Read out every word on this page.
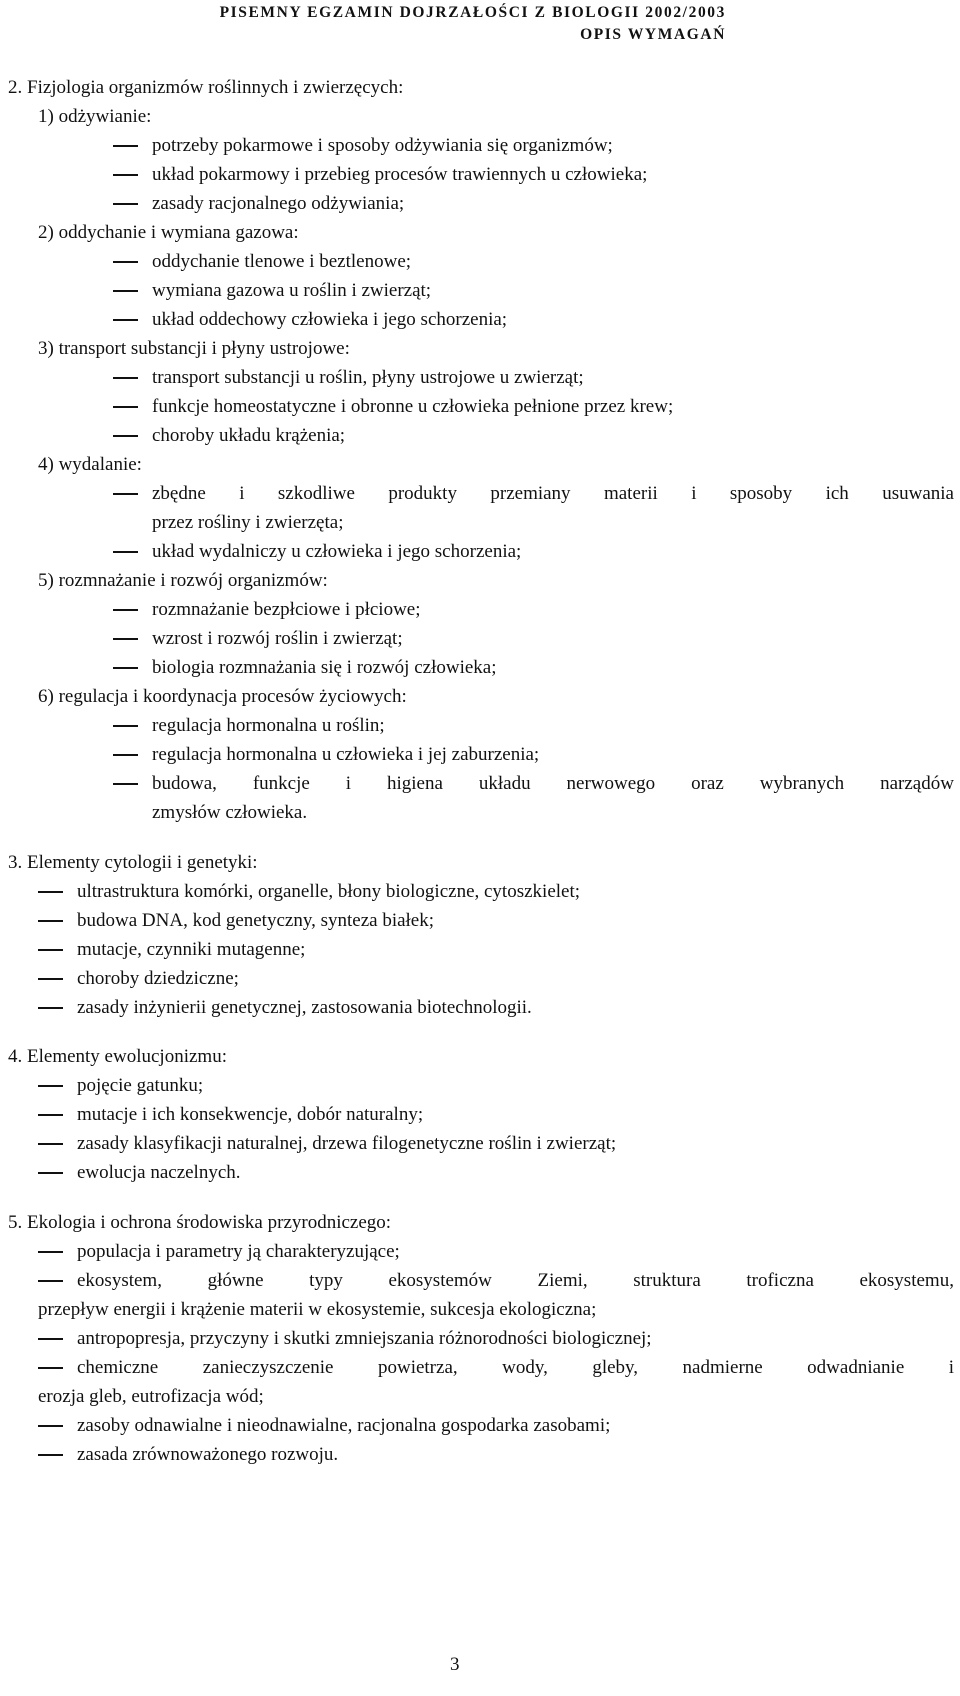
PISEMNY EGZAMIN DOJRZAŁOŚCI Z BIOLOGII 2002/2003
OPIS WYMAGAŃ
2. Fizjologia organizmów roślinnych i zwierzęcych:
1) odżywianie:
potrzeby pokarmowe i sposoby odżywiania się organizmów;
układ pokarmowy i przebieg procesów trawiennych u człowieka;
zasady racjonalnego odżywiania;
2) oddychanie i wymiana gazowa:
oddychanie tlenowe i beztlenowe;
wymiana gazowa u roślin i zwierząt;
układ oddechowy człowieka i jego schorzenia;
3) transport substancji i płyny ustrojowe:
transport substancji u roślin, płyny ustrojowe u zwierząt;
funkcje homeostatyczne i obronne u człowieka pełnione przez krew;
choroby układu krążenia;
4) wydalanie:
zbędne i szkodliwe produkty przemiany materii i sposoby ich usuwania
przez rośliny i zwierzęta;
układ wydalniczy u człowieka i jego schorzenia;
5) rozmnażanie i rozwój organizmów:
rozmnażanie bezpłciowe i płciowe;
wzrost i rozwój roślin i zwierząt;
biologia rozmnażania się i rozwój człowieka;
6) regulacja i koordynacja procesów życiowych:
regulacja hormonalna u roślin;
regulacja hormonalna u człowieka i jej zaburzenia;
budowa, funkcje i higiena układu nerwowego oraz wybranych narządów
zmysłów człowieka.
3. Elementy cytologii i genetyki:
ultrastruktura komórki, organelle, błony biologiczne, cytoszkielet;
budowa DNA, kod genetyczny, synteza białek;
mutacje, czynniki mutagenne;
choroby dziedziczne;
zasady inżynierii genetycznej, zastosowania biotechnologii.
4. Elementy ewolucjonizmu:
pojęcie gatunku;
mutacje i ich konsekwencje, dobór naturalny;
zasady klasyfikacji naturalnej, drzewa filogenetyczne roślin i zwierząt;
ewolucja naczelnych.
5. Ekologia i ochrona środowiska przyrodniczego:
populacja i parametry ją charakteryzujące;
ekosystem, główne typy ekosystemów Ziemi, struktura troficzna ekosystemu,
przepływ energii i krążenie materii w ekosystemie, sukcesja ekologiczna;
antropopresja, przyczyny i skutki zmniejszania różnorodności biologicznej;
chemiczne zanieczyszczenie powietrza, wody, gleby, nadmierne odwadnianie i
erozja gleb, eutrofizacja wód;
zasoby odnawialne i nieodnawialne, racjonalna gospodarka zasobami;
zasada zrównoważonego rozwoju.
3
